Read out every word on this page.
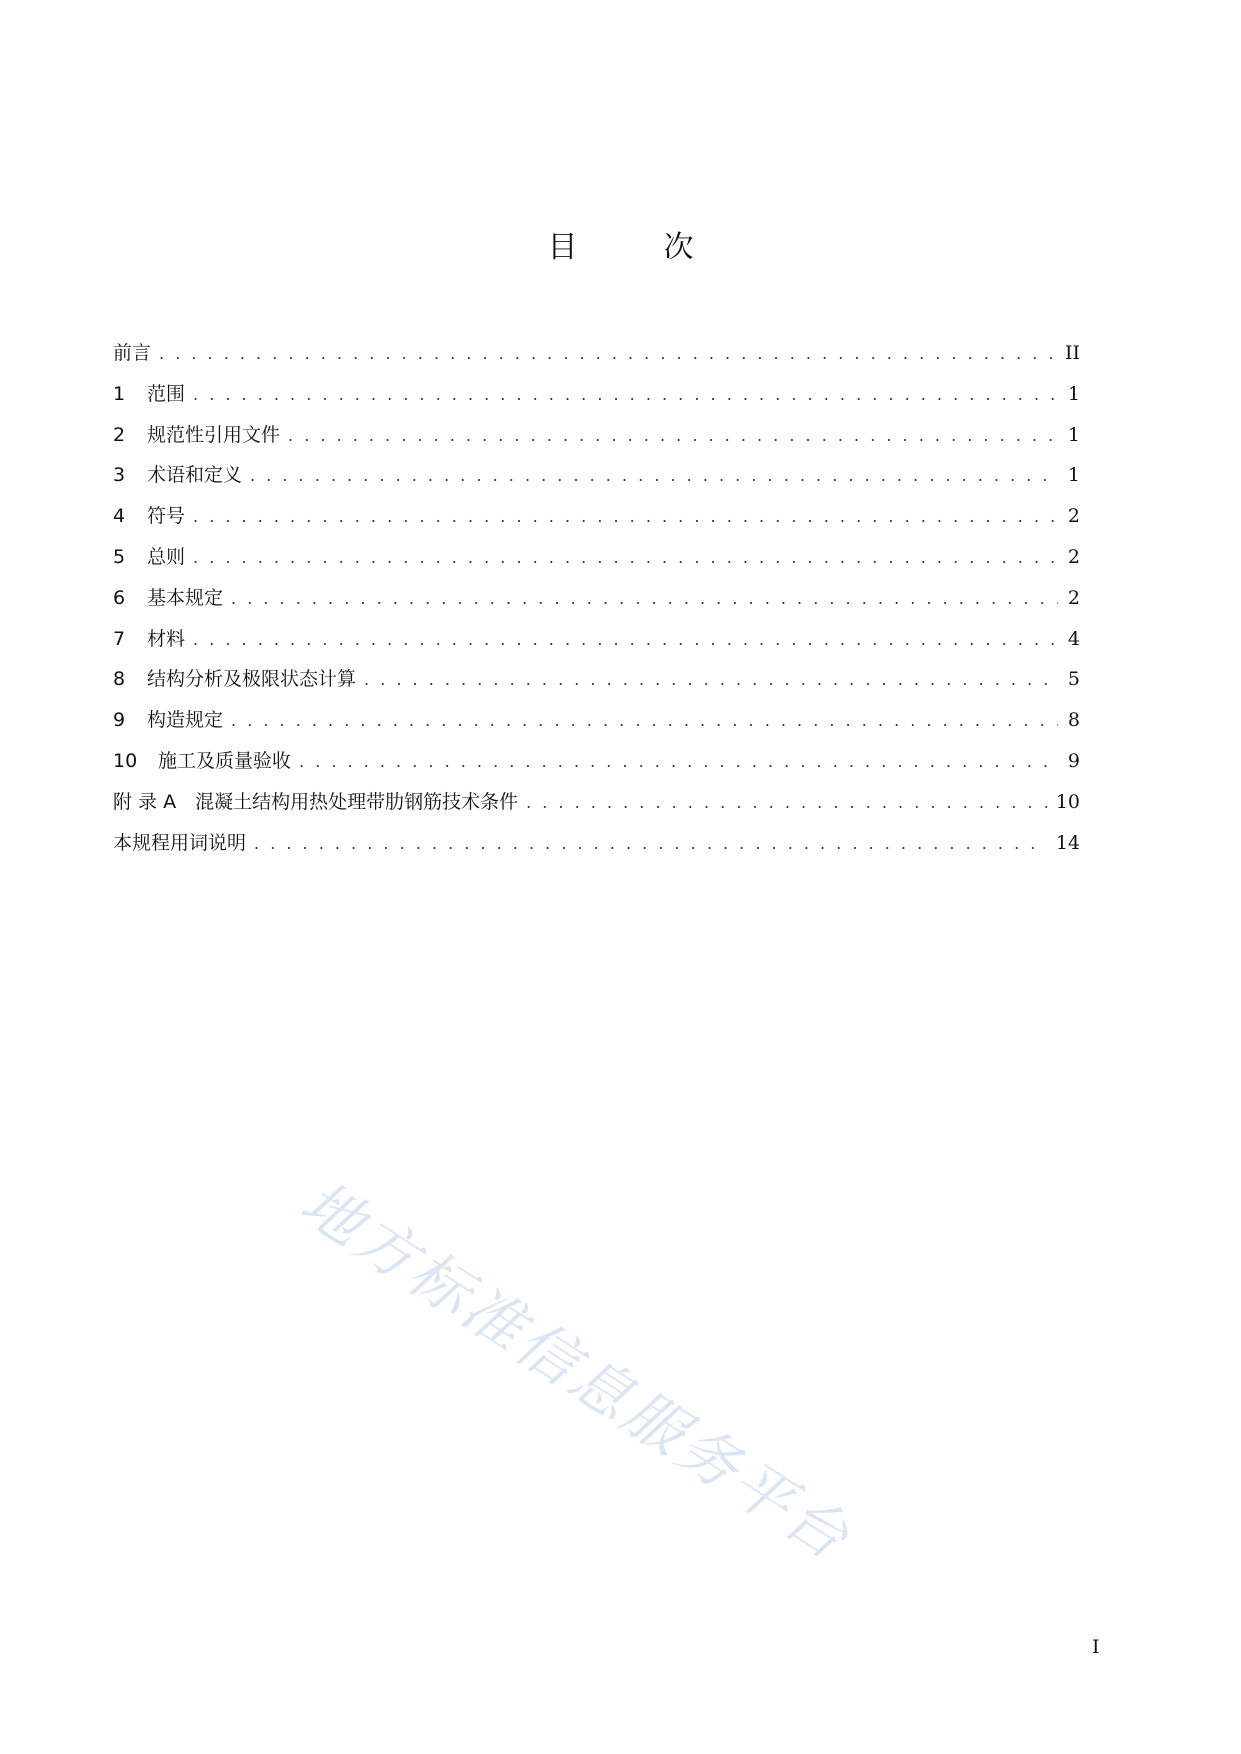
目　次
前言 . . .	II
1 范围 . . .	1
2 规范性引用文件 . . .	1
3 术语和定义 . . .	1
4 符号 . . .	2
5 总则 . . .	2
6 基本规定 . . .	2
7 材料 . . .	4
8 结构分析及极限状态计算 . . .	5
9 构造规定 . . .	8
10 施工及质量验收 . . .	9
附 录 A　混凝土结构用热处理带肋钢筋技术条件 . . .	10
本规程用词说明 . . .	14
地方标准信息服务平台
I
